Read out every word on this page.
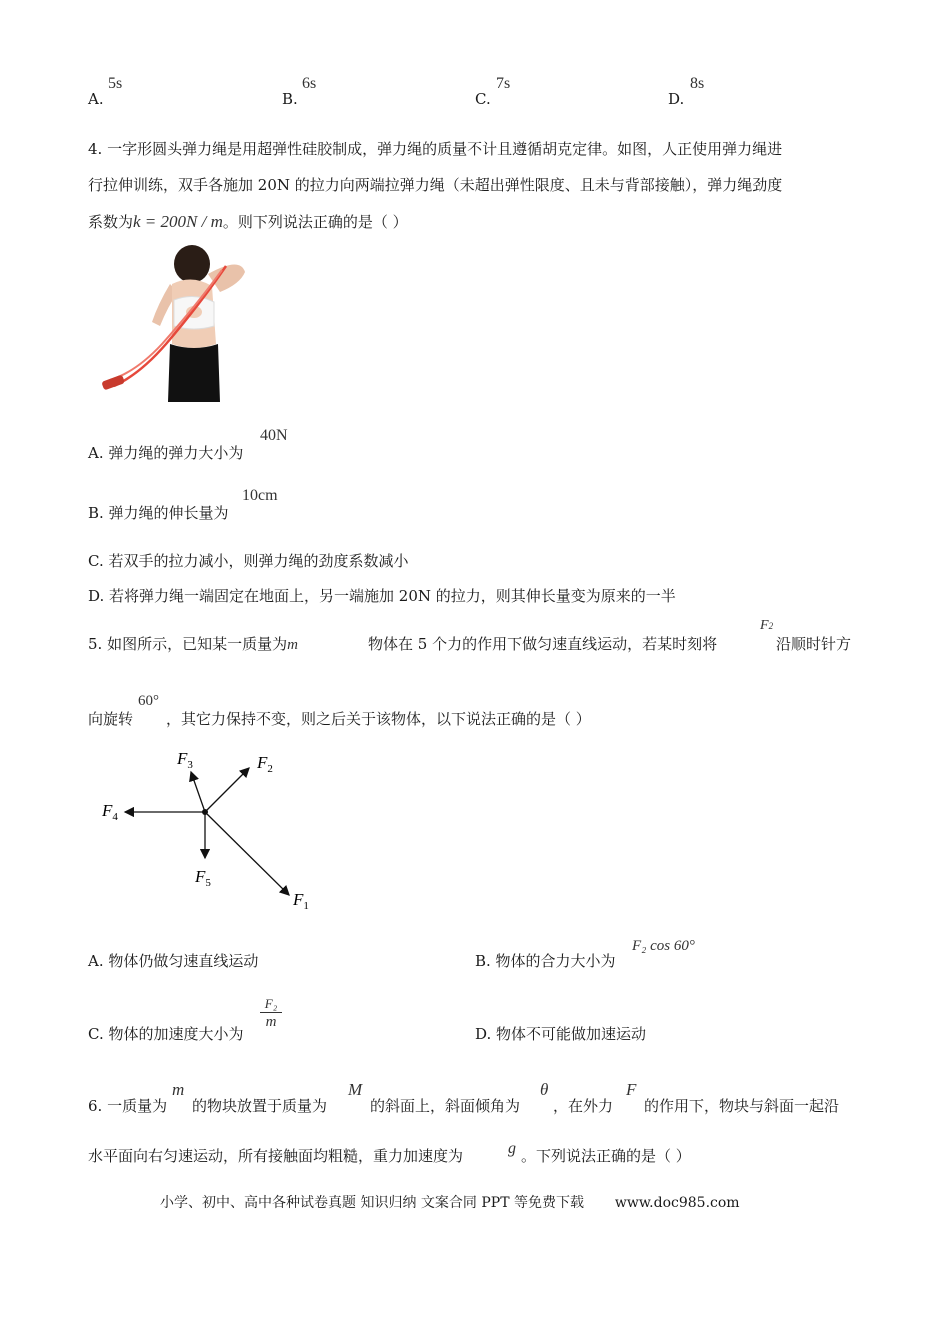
A.
5s
B.
6s
C.
7s
D.
8s
4. 一字形圆头弹力绳是用超弹性硅胶制成，弹力绳的质量不计且遵循胡克定律。如图，人正使用弹力绳进
行拉伸训练，双手各施加 20N 的拉力向两端拉弹力绳（未超出弹性限度、且未与背部接触），弹力绳劲度
系数为k = 200N / m。则下列说法正确的是（ ）
A. 弹力绳的弹力大小为
40N
B. 弹力绳的伸长量为
10cm
C. 若双手的拉力减小，则弹力绳的劲度系数减小
D. 若将弹力绳一端固定在地面上，另一端施加 20N 的拉力，则其伸长量变为原来的一半
5. 如图所示，已知某一质量为m	物体在 5 个力的作用下做匀速直线运动，若某时刻将
F2
沿顺时针方
向旋转
60°
，其它力保持不变，则之后关于该物体，以下说法正确的是（ ）
$F_3$	$F_2$
$F_4$
$F_5$
$F_1$
A. 物体仍做匀速直线运动	B. 物体的合力大小为
F₂ cos 60°
C. 物体的加速度大小为
$\frac{\text{F₂}}{m}$
D. 物体不可能做加速运动
6. 一质量为
m
的物块放置于质量为
M
的斜面上，斜面倾角为
θ
，在外力
F
的作用下，物块与斜面一起沿
水平面向右匀速运动，所有接触面均粗糙，重力加速度为	g 。下列说法正确的是（ ）
小学、初中、高中各种试卷真题 知识归纳 文案合同 PPT 等免费下载 www.doc985.com
